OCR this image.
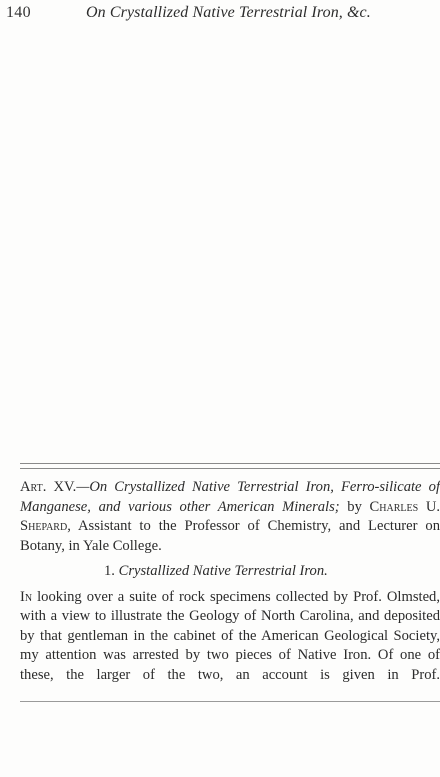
140	On Crystallized Native Terrestrial Iron, &c.

Art. XV.—On Crystallized Native Terrestrial Iron, Ferro-silicate of Manganese, and various other American Minerals; by Charles U. Shepard, Assistant to the Professor of Chemistry, and Lecturer on Botany, in Yale College.

1. Crystallized Native Terrestrial Iron.

In looking over a suite of rock specimens collected by Prof. Olmsted, with a view to illustrate the Geology of North Carolina, and deposited by that gentleman in the cabinet of the American Geological Society, my attention was arrested by two pieces of Native Iron. Of one of these, the larger of the two, an account is given in Prof.
